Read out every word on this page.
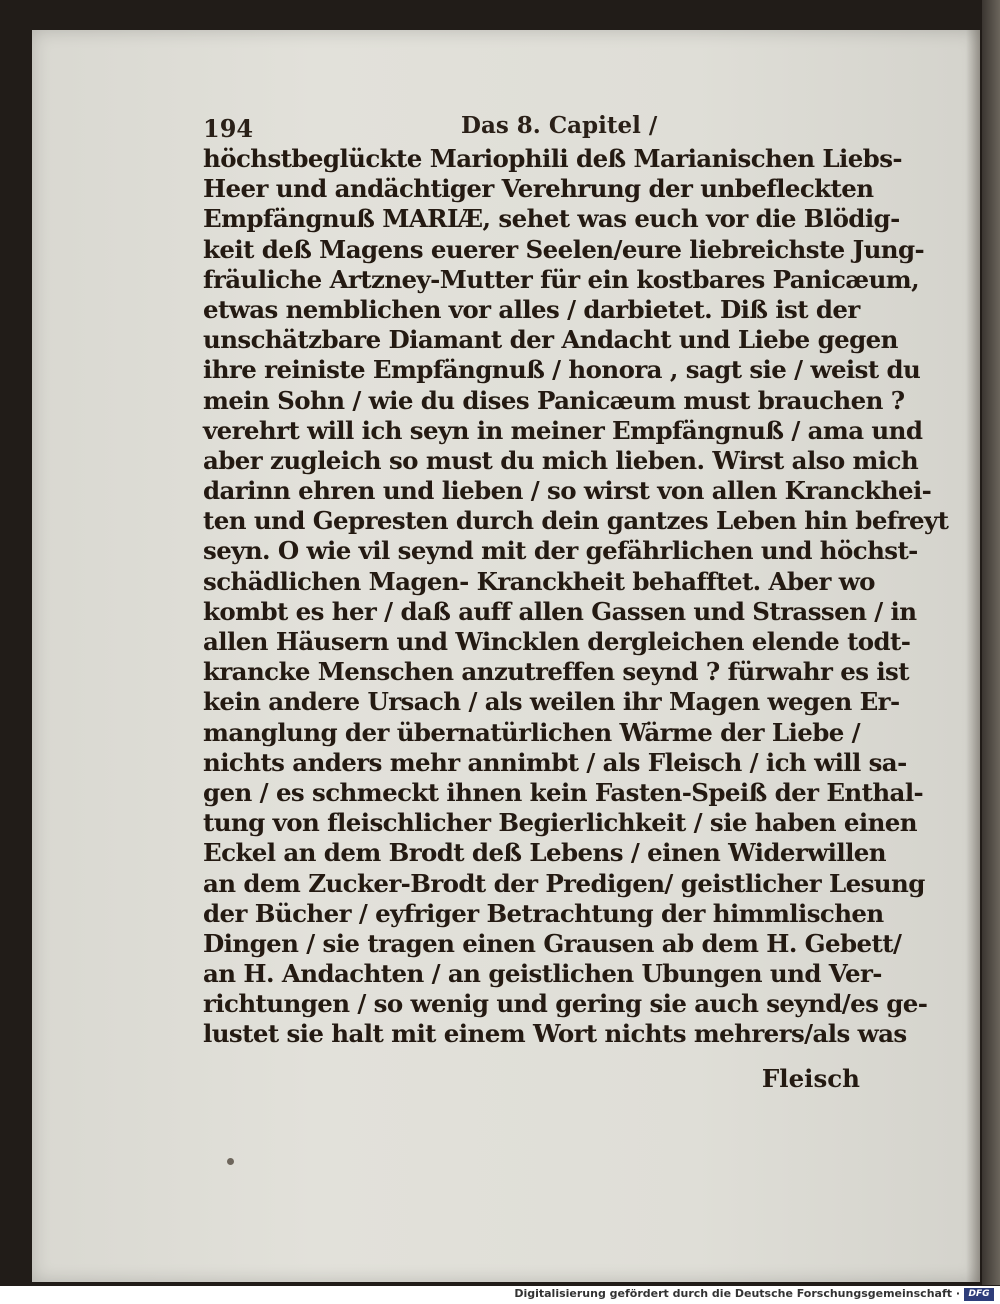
194	Das 8. Capitel /
höchstbeglückte Mariophili deß Marianischen Liebs-
Heer und andächtiger Verehrung der unbefleckten
Empfängnuß MARIÆ, sehet was euch vor die Blödig-
keit deß Magens euerer Seelen/eure liebreichste Jung-
fräuliche Artzney-Mutter für ein kostbares Panicæum,
etwas nemblichen vor alles / darbietet. Diß ist der
unschätzbare Diamant der Andacht und Liebe gegen
ihre reiniste Empfängnuß / honora , sagt sie / weist du
mein Sohn / wie du dises Panicæum must brauchen ?
verehrt will ich seyn in meiner Empfängnuß / ama und
aber zugleich so must du mich lieben. Wirst also mich
darinn ehren und lieben / so wirst von allen Kranckhei-
ten und Gepresten durch dein gantzes Leben hin befreyt
seyn. O wie vil seynd mit der gefährlichen und höchst-
schädlichen Magen- Kranckheit behafftet. Aber wo
kombt es her / daß auff allen Gassen und Strassen / in
allen Häusern und Wincklen dergleichen elende todt-
krancke Menschen anzutreffen seynd ? fürwahr es ist
kein andere Ursach / als weilen ihr Magen wegen Er-
manglung der übernatürlichen Wärme der Liebe /
nichts anders mehr annimbt / als Fleisch / ich will sa-
gen / es schmeckt ihnen kein Fasten-Speiß der Enthal-
tung von fleischlicher Begierlichkeit / sie haben einen
Eckel an dem Brodt deß Lebens / einen Widerwillen
an dem Zucker-Brodt der Predigen/ geistlicher Lesung
der Bücher / eyfriger Betrachtung der himmlischen
Dingen / sie tragen einen Grausen ab dem H. Gebett/
an H. Andachten / an geistlichen Ubungen und Ver-
richtungen / so wenig und gering sie auch seynd/es ge-
lustet sie halt mit einem Wort nichts mehrers/als was
Fleisch
Digitalisierung gefördert durch die Deutsche Forschungsgemeinschaft · DFG
